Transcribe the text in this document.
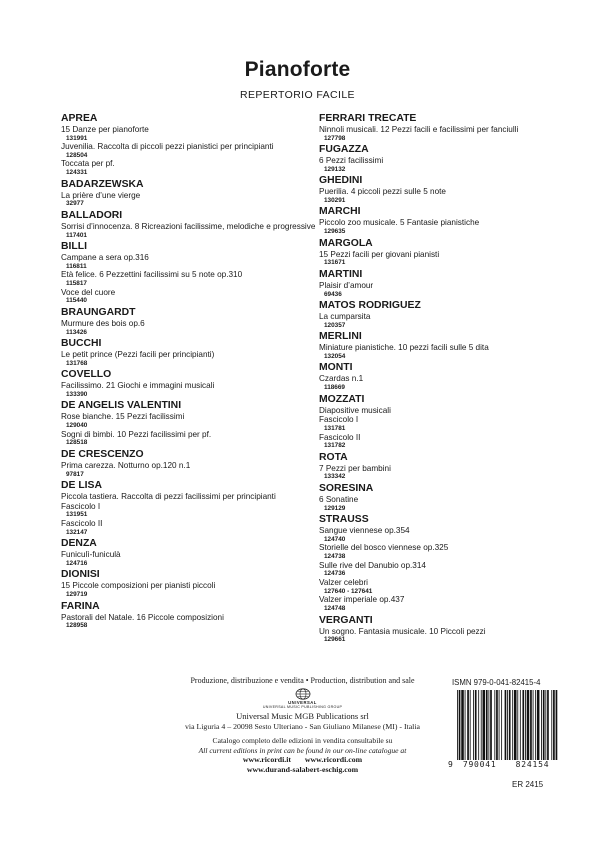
Pianoforte
REPERTORIO FACILE
APREA
15 Danze per pianoforte
131991
Juvenilia. Raccolta di piccoli pezzi pianistici per principianti
128504
Toccata per pf.
124331
BADARZEWSKA
La prière d’une vierge
32977
BALLADORI
Sorrisi d’innocenza. 8 Ricreazioni facilissime, melodiche e progressive
117401
BILLI
Campane a sera op.316
116811
Età felice. 6 Pezzettini facilissimi su 5 note op.310
115817
Voce del cuore
115440
BRAUNGARDT
Murmure des bois op.6
113426
BUCCHI
Le petit prince (Pezzi facili per principianti)
131768
COVELLO
Facilissimo. 21 Giochi e immagini musicali
133390
DE ANGELIS VALENTINI
Rose bianche. 15 Pezzi facilissimi
129040
Sogni di bimbi. 10 Pezzi facilissimi per pf.
128518
DE CRESCENZO
Prima carezza. Notturno op.120 n.1
97817
DE LISA
Piccola tastiera. Raccolta di pezzi facilissimi per principianti
Fascicolo I
131951
Fascicolo II
132147
DENZA
Funiculì-funiculà
124716
DIONISI
15 Piccole composizioni per pianisti piccoli
129719
FARINA
Pastorali del Natale. 16 Piccole composizioni
128958
FERRARI TRECATE
Ninnoli musicali. 12 Pezzi facili e facilissimi per fanciulli
127798
FUGAZZA
6 Pezzi facilissimi
129132
GHEDINI
Puerilia. 4 piccoli pezzi sulle 5 note
130291
MARCHI
Piccolo zoo musicale. 5 Fantasie pianistiche
129635
MARGOLA
15 Pezzi facili per giovani pianisti
131671
MARTINI
Plaisir d’amour
69436
MATOS RODRIGUEZ
La cumparsita
120357
MERLINI
Miniature pianistiche. 10 pezzi facili sulle 5 dita
132054
MONTI
Czardas n.1
118669
MOZZATI
Diapositive musicali
Fascicolo I
131781
Fascicolo II
131782
ROTA
7 Pezzi per bambini
133342
SORESINA
6 Sonatine
129129
STRAUSS
Sangue viennese op.354
124740
Storielle del bosco viennese op.325
124738
Sulle rive del Danubio op.314
124736
Valzer celebri
127640 - 127641
Valzer imperiale op.437
124748
VERGANTI
Un sogno. Fantasia musicale. 10 Piccoli pezzi
129661
Produzione, distribuzione e vendita • Production, distribution and sale
UNIVERSAL
UNIVERSAL MUSIC PUBLISHING GROUP
Universal Music MGB Publications srl
via Liguria 4 – 20098 Sesto Ulteriano - San Giuliano Milanese (MI) - Italia
Catalogo completo delle edizioni in vendita consultabile su
All current editions in print can be found in our on-line catalogue at
www.ricordi.it www.ricordi.com
www.durand-salabert-eschig.com
ISMN 979-0-041-82415-4
9 790041 824154
ER 2415
